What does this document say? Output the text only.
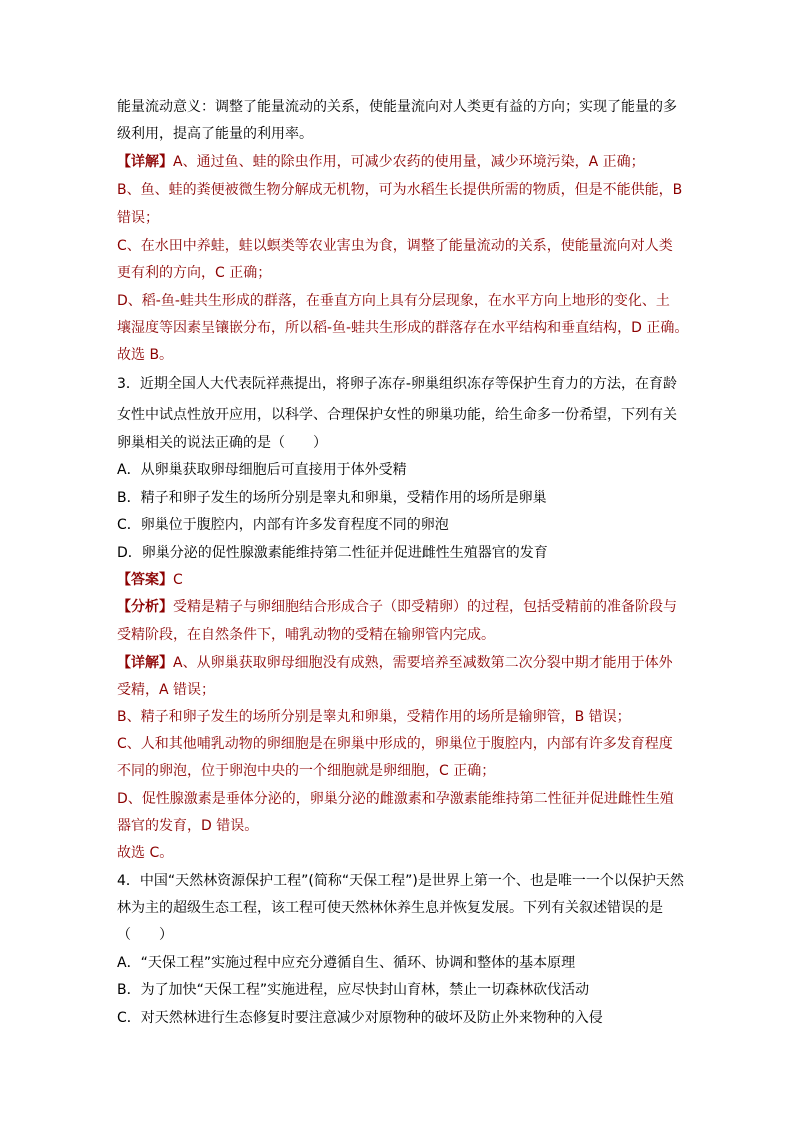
能量流动意义：调整了能量流动的关系，使能量流向对人类更有益的方向；实现了能量的多
级利用，提高了能量的利用率。
【详解】A、通过鱼、蛙的除虫作用，可减少农药的使用量，减少环境污染，A 正确；
B、鱼、蛙的粪便被微生物分解成无机物，可为水稻生长提供所需的物质，但是不能供能，B
错误；
C、在水田中养蛙，蛙以螟类等农业害虫为食，调整了能量流动的关系，使能量流向对人类
更有利的方向，C 正确；
D、稻-鱼-蛙共生形成的群落，在垂直方向上具有分层现象，在水平方向上地形的变化、土
壤湿度等因素呈镶嵌分布，所以稻-鱼-蛙共生形成的群落存在水平结构和垂直结构，D 正确。
故选 B。
3．近期全国人大代表阮祥燕提出，将卵子冻存-卵巢组织冻存等保护生育力的方法，在育龄
女性中试点性放开应用，以科学、合理保护女性的卵巢功能，给生命多一份希望，下列有关
卵巢相关的说法正确的是（　　）
A．从卵巢获取卵母细胞后可直接用于体外受精
B．精子和卵子发生的场所分别是睾丸和卵巢，受精作用的场所是卵巢
C．卵巢位于腹腔内，内部有许多发育程度不同的卵泡
D．卵巢分泌的促性腺激素能维持第二性征并促进雌性生殖器官的发育
【答案】C
【分析】受精是精子与卵细胞结合形成合子（即受精卵）的过程，包括受精前的准备阶段与
受精阶段，在自然条件下，哺乳动物的受精在输卵管内完成。
【详解】A、从卵巢获取卵母细胞没有成熟，需要培养至减数第二次分裂中期才能用于体外
受精，A 错误；
B、精子和卵子发生的场所分别是睾丸和卵巢，受精作用的场所是输卵管，B 错误；
C、人和其他哺乳动物的卵细胞是在卵巢中形成的，卵巢位于腹腔内，内部有许多发育程度
不同的卵泡，位于卵泡中央的一个细胞就是卵细胞，C 正确；
D、促性腺激素是垂体分泌的，卵巢分泌的雌激素和孕激素能维持第二性征并促进雌性生殖
器官的发育，D 错误。
故选 C。
4．中国“天然林资源保护工程”(简称“天保工程”)是世界上第一个、也是唯一一个以保护天然
林为主的超级生态工程，该工程可使天然林休养生息并恢复发展。下列有关叙述错误的是
（　　）
A．“天保工程”实施过程中应充分遵循自生、循环、协调和整体的基本原理
B．为了加快“天保工程”实施进程，应尽快封山育林，禁止一切森林砍伐活动
C．对天然林进行生态修复时要注意减少对原物种的破坏及防止外来物种的入侵
